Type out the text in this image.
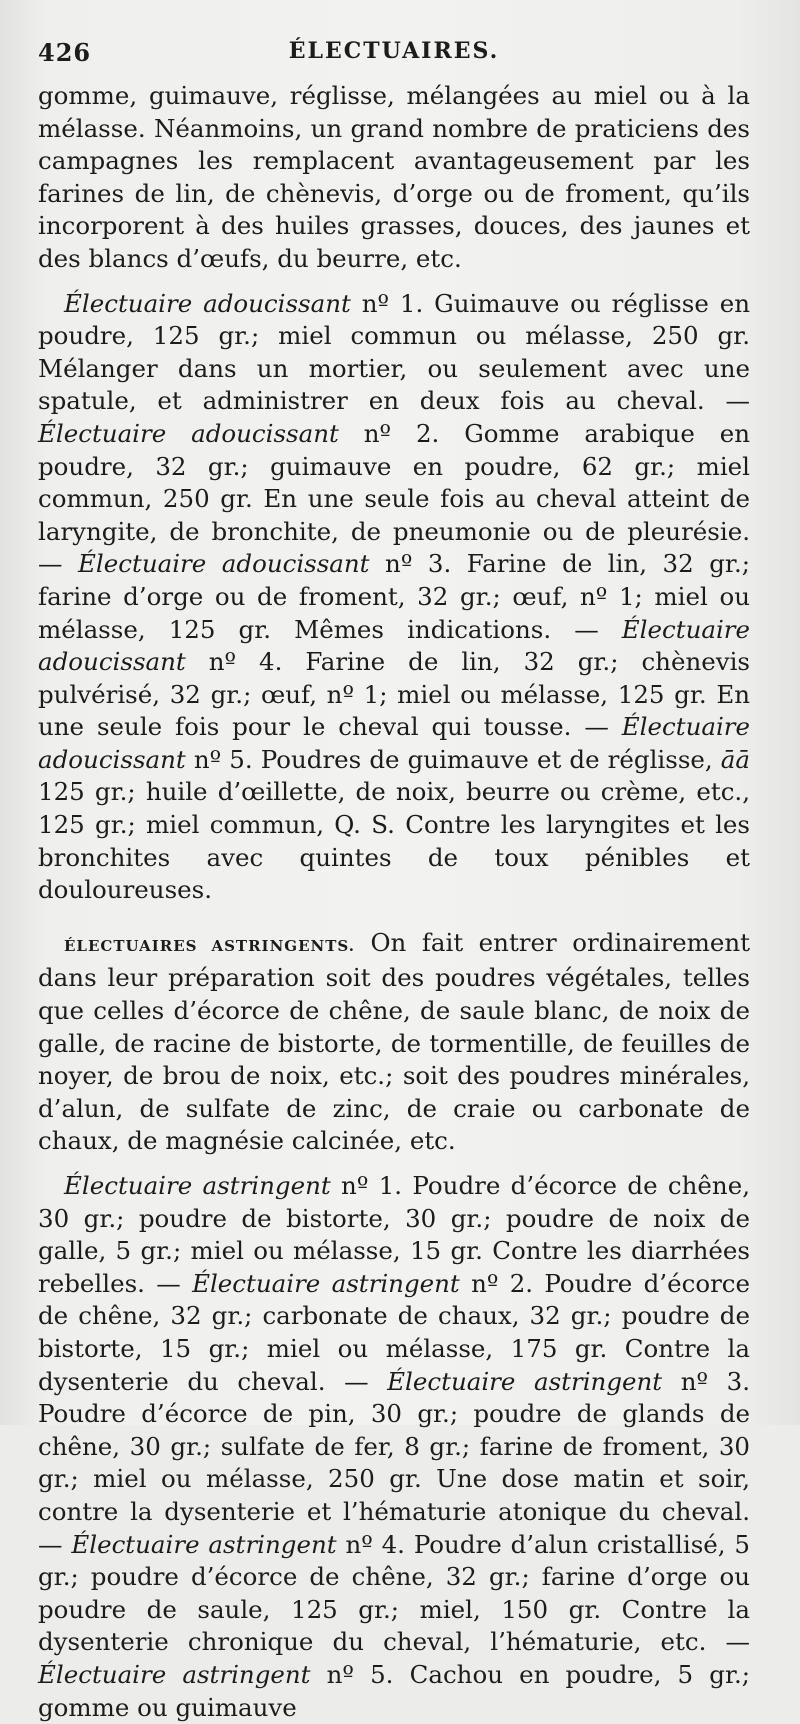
426	ÉLECTUAIRES.

gomme, guimauve, réglisse, mélangées au miel ou à la mélasse. Néanmoins, un grand nombre de praticiens des campagnes les remplacent avantageusement par les farines de lin, de chènevis, d’orge ou de froment, qu’ils incorporent à des huiles grasses, douces, des jaunes et des blancs d’œufs, du beurre, etc.

Électuaire adoucissant nº 1. Guimauve ou réglisse en poudre, 125 gr.; miel commun ou mélasse, 250 gr. Mélanger dans un mortier, ou seulement avec une spatule, et administrer en deux fois au cheval. — Électuaire adoucissant nº 2. Gomme arabique en poudre, 32 gr.; guimauve en poudre, 62 gr.; miel commun, 250 gr. En une seule fois au cheval atteint de laryngite, de bronchite, de pneumonie ou de pleurésie. — Électuaire adoucissant nº 3. Farine de lin, 32 gr.; farine d’orge ou de froment, 32 gr.; œuf, nº 1; miel ou mélasse, 125 gr. Mêmes indications. — Électuaire adoucissant nº 4. Farine de lin, 32 gr.; chènevis pulvérisé, 32 gr.; œuf, nº 1; miel ou mélasse, 125 gr. En une seule fois pour le cheval qui tousse. — Électuaire adoucissant nº 5. Poudres de guimauve et de réglisse, āā 125 gr.; huile d’œillette, de noix, beurre ou crème, etc., 125 gr.; miel commun, Q. S. Contre les laryngites et les bronchites avec quintes de toux pénibles et douloureuses.

ÉLECTUAIRES ASTRINGENTS. On fait entrer ordinairement dans leur préparation soit des poudres végétales, telles que celles d’écorce de chêne, de saule blanc, de noix de galle, de racine de bistorte, de tormentille, de feuilles de noyer, de brou de noix, etc.; soit des poudres minérales, d’alun, de sulfate de zinc, de craie ou carbonate de chaux, de magnésie calcinée, etc.

Électuaire astringent nº 1. Poudre d’écorce de chêne, 30 gr.; poudre de bistorte, 30 gr.; poudre de noix de galle, 5 gr.; miel ou mélasse, 15 gr. Contre les diarrhées rebelles. — Électuaire astringent nº 2. Poudre d’écorce de chêne, 32 gr.; carbonate de chaux, 32 gr.; poudre de bistorte, 15 gr.; miel ou mélasse, 175 gr. Contre la dysenterie du cheval. — Électuaire astringent nº 3. Poudre d’écorce de pin, 30 gr.; poudre de glands de chêne, 30 gr.; sulfate de fer, 8 gr.; farine de froment, 30 gr.; miel ou mélasse, 250 gr. Une dose matin et soir, contre la dysenterie et l’hématurie atonique du cheval. — Électuaire astringent nº 4. Poudre d’alun cristallisé, 5 gr.; poudre d’écorce de chêne, 32 gr.; farine d’orge ou poudre de saule, 125 gr.; miel, 150 gr. Contre la dysenterie chronique du cheval, l’hématurie, etc. — Électuaire astringent nº 5. Cachou en poudre, 5 gr.; gomme ou guimauve
